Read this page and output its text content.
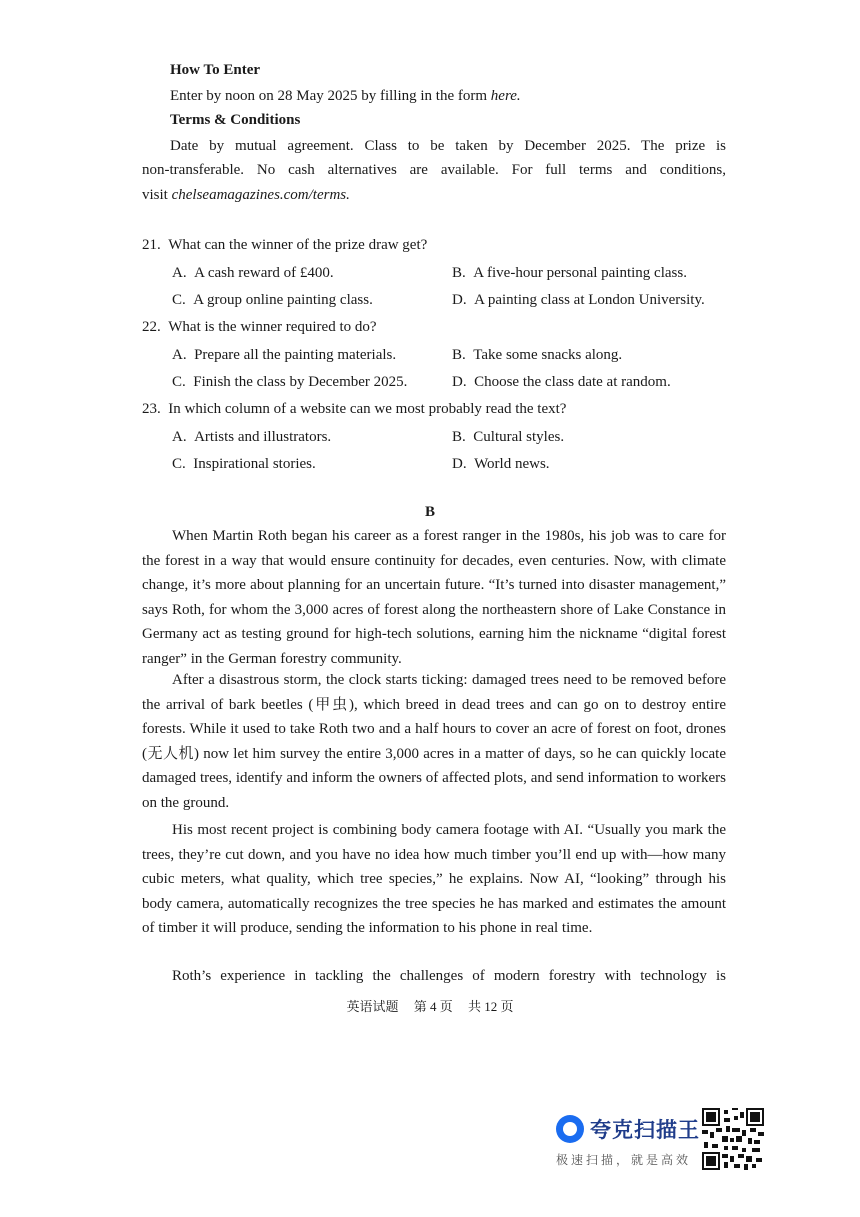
How To Enter
Enter by noon on 28 May 2025 by filling in the form here.
Terms & Conditions
Date by mutual agreement. Class to be taken by December 2025. The prize is
non-transferable. No cash alternatives are available. For full terms and conditions,
visit chelseamagazines.com/terms.
21. What can the winner of the prize draw get?
A. A cash reward of £400.	B. A five-hour personal painting class.
C. A group online painting class.	D. A painting class at London University.
22. What is the winner required to do?
A. Prepare all the painting materials.	B. Take some snacks along.
C. Finish the class by December 2025.	D. Choose the class date at random.
23. In which column of a website can we most probably read the text?
A. Artists and illustrators.	B. Cultural styles.
C. Inspirational stories.	D. World news.
B
When Martin Roth began his career as a forest ranger in the 1980s, his job was to care for the forest in a way that would ensure continuity for decades, even centuries. Now, with climate change, it’s more about planning for an uncertain future. “It’s turned into disaster management,” says Roth, for whom the 3,000 acres of forest along the northeastern shore of Lake Constance in Germany act as testing ground for high-tech solutions, earning him the nickname “digital forest ranger” in the German forestry community.
After a disastrous storm, the clock starts ticking: damaged trees need to be removed before the arrival of bark beetles (甲虫), which breed in dead trees and can go on to destroy entire forests. While it used to take Roth two and a half hours to cover an acre of forest on foot, drones (无人机) now let him survey the entire 3,000 acres in a matter of days, so he can quickly locate damaged trees, identify and inform the owners of affected plots, and send information to workers on the ground.
His most recent project is combining body camera footage with AI. “Usually you mark the trees, they’re cut down, and you have no idea how much timber you’ll end up with—how many cubic meters, what quality, which tree species,” he explains. Now AI, “looking” through his body camera, automatically recognizes the tree species he has marked and estimates the amount of timber it will produce, sending the information to his phone in real time.
Roth’s experience in tackling the challenges of modern forestry with technology is
英语试题 第 4 页 共 12 页
夸克扫描王
极速扫描，就是高效
